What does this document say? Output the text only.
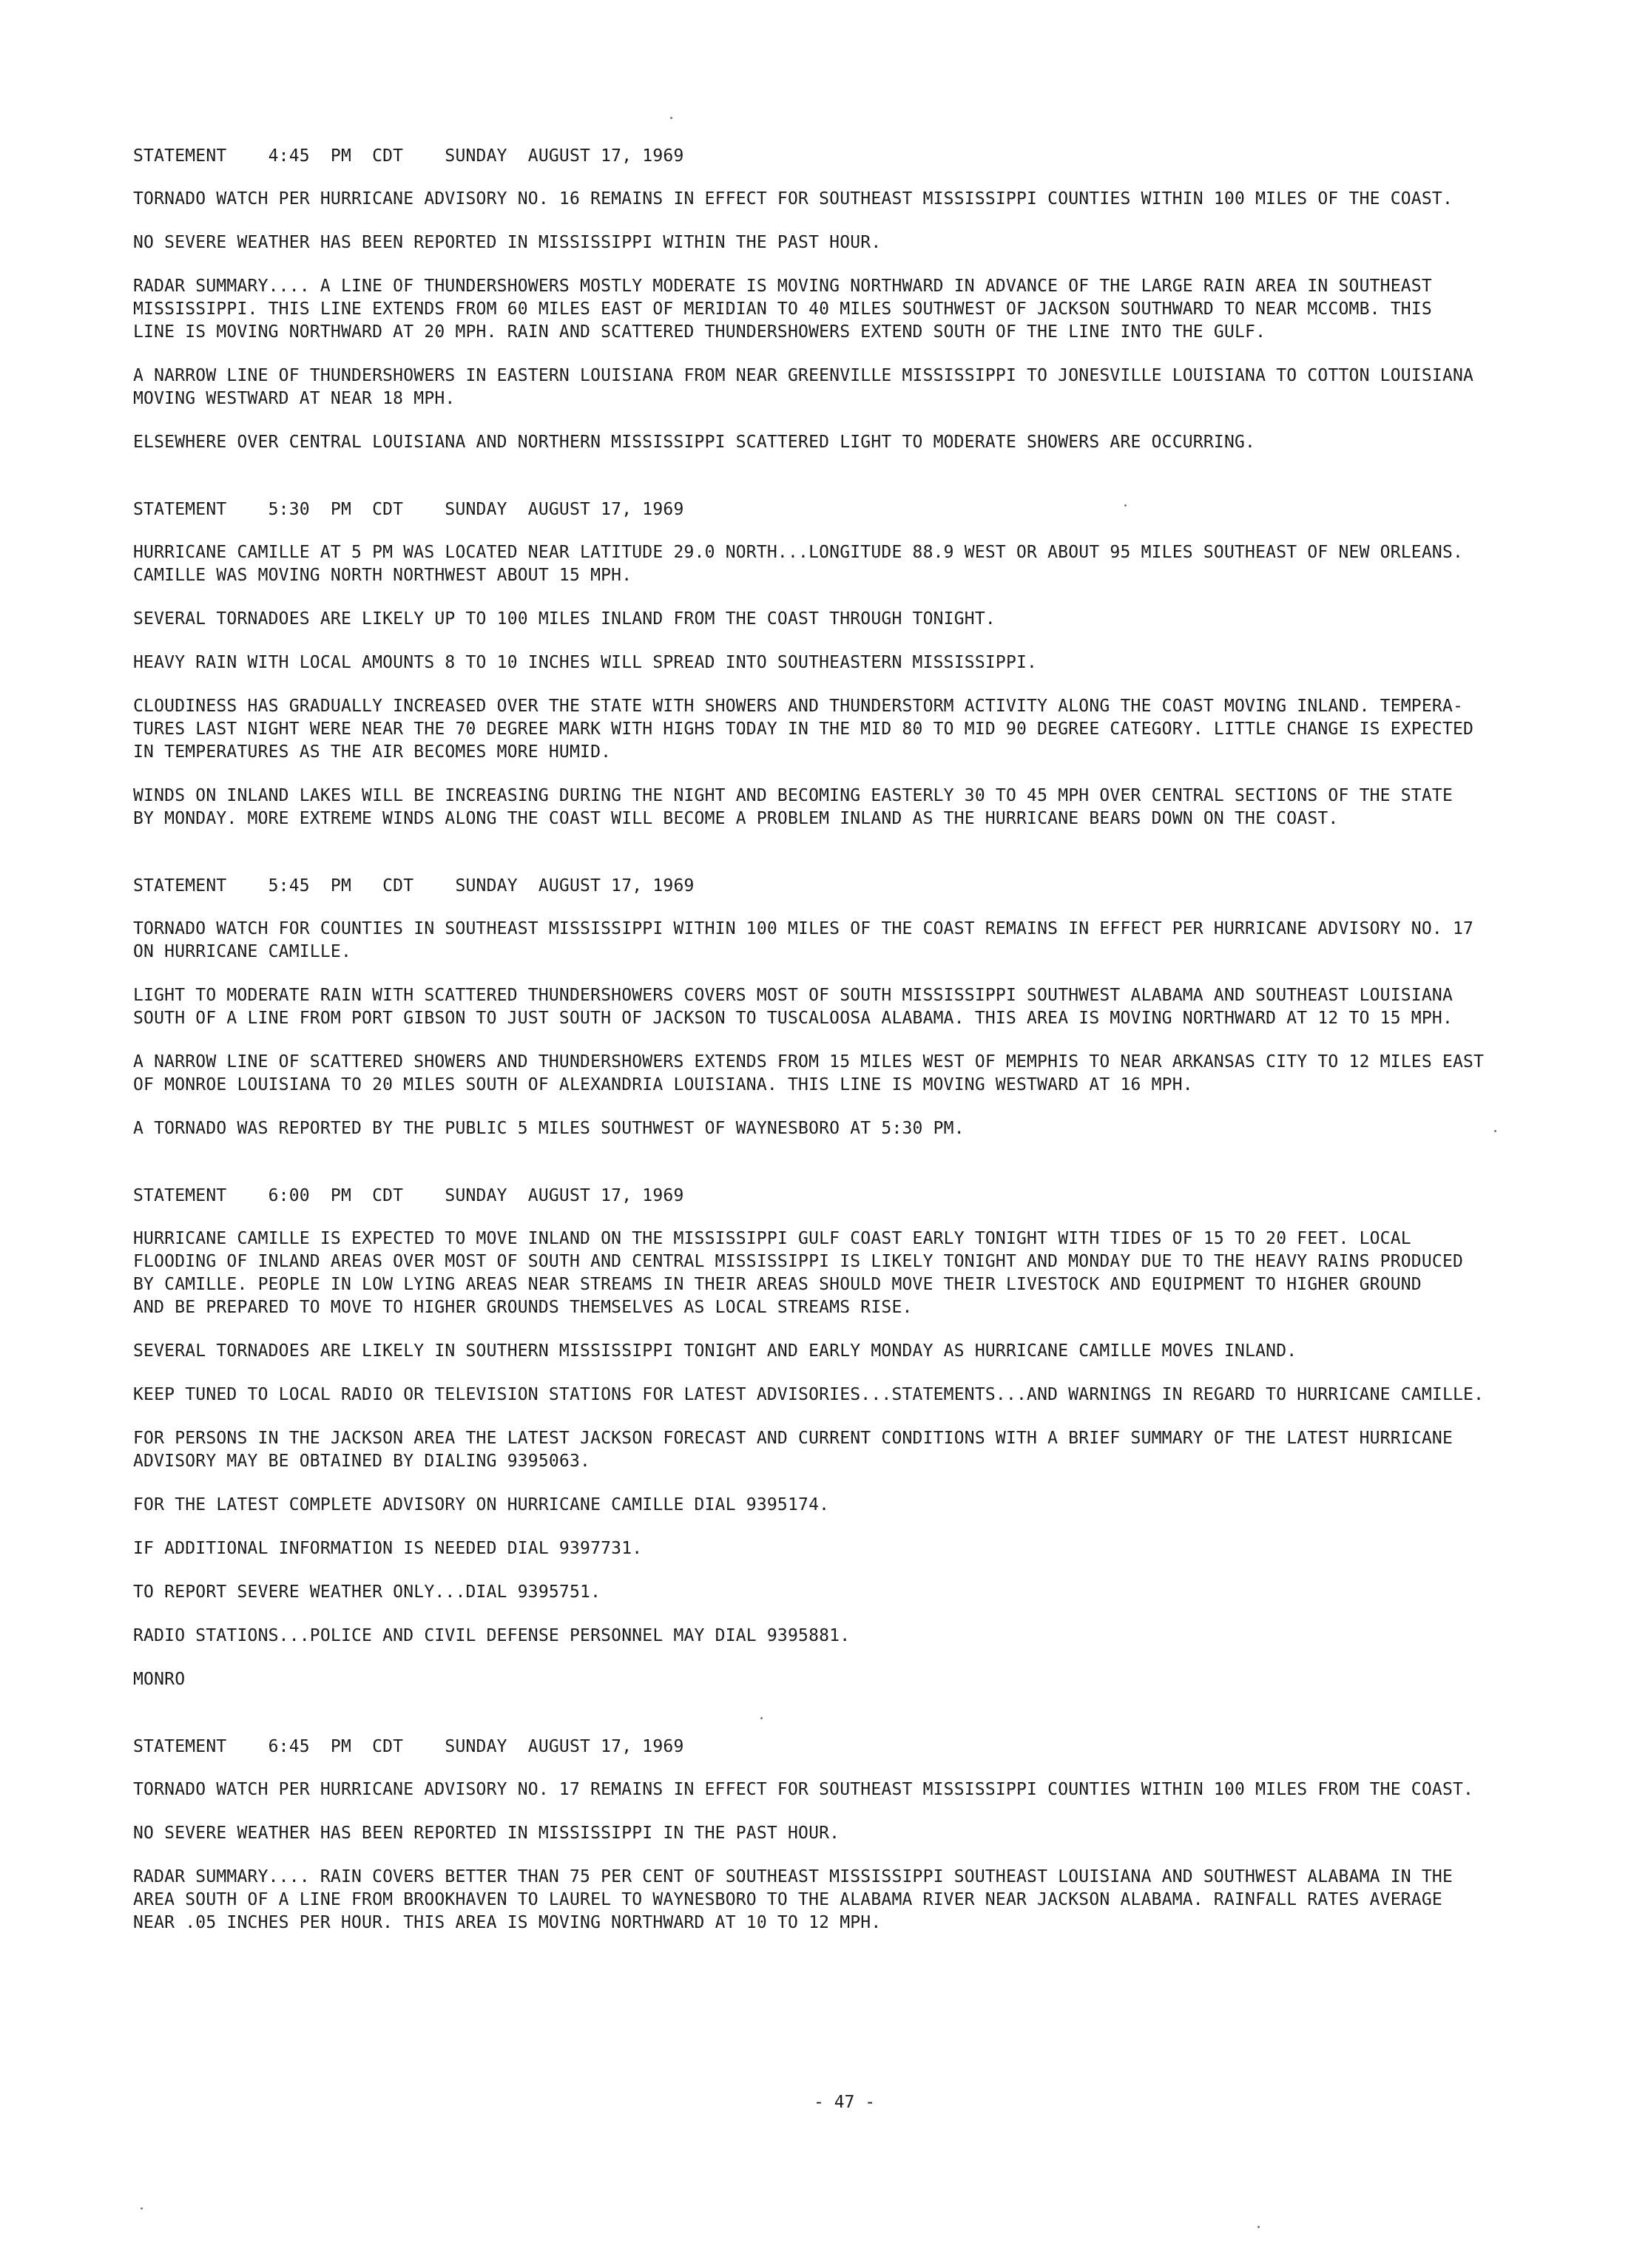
STATEMENT    4:45  PM  CDT    SUNDAY  AUGUST 17, 1969

TORNADO WATCH PER HURRICANE ADVISORY NO. 16 REMAINS IN EFFECT FOR SOUTHEAST MISSISSIPPI COUNTIES WITHIN 100 MILES OF THE COAST.

NO SEVERE WEATHER HAS BEEN REPORTED IN MISSISSIPPI WITHIN THE PAST HOUR.

RADAR SUMMARY.... A LINE OF THUNDERSHOWERS MOSTLY MODERATE IS MOVING NORTHWARD IN ADVANCE OF THE LARGE RAIN AREA IN SOUTHEAST
MISSISSIPPI. THIS LINE EXTENDS FROM 60 MILES EAST OF MERIDIAN TO 40 MILES SOUTHWEST OF JACKSON SOUTHWARD TO NEAR MCCOMB. THIS
LINE IS MOVING NORTHWARD AT 20 MPH. RAIN AND SCATTERED THUNDERSHOWERS EXTEND SOUTH OF THE LINE INTO THE GULF.

A NARROW LINE OF THUNDERSHOWERS IN EASTERN LOUISIANA FROM NEAR GREENVILLE MISSISSIPPI TO JONESVILLE LOUISIANA TO COTTON LOUISIANA
MOVING WESTWARD AT NEAR 18 MPH.

ELSEWHERE OVER CENTRAL LOUISIANA AND NORTHERN MISSISSIPPI SCATTERED LIGHT TO MODERATE SHOWERS ARE OCCURRING.

STATEMENT    5:30  PM  CDT    SUNDAY  AUGUST 17, 1969

HURRICANE CAMILLE AT 5 PM WAS LOCATED NEAR LATITUDE 29.0 NORTH...LONGITUDE 88.9 WEST OR ABOUT 95 MILES SOUTHEAST OF NEW ORLEANS.
CAMILLE WAS MOVING NORTH NORTHWEST ABOUT 15 MPH.

SEVERAL TORNADOES ARE LIKELY UP TO 100 MILES INLAND FROM THE COAST THROUGH TONIGHT.

HEAVY RAIN WITH LOCAL AMOUNTS 8 TO 10 INCHES WILL SPREAD INTO SOUTHEASTERN MISSISSIPPI.

CLOUDINESS HAS GRADUALLY INCREASED OVER THE STATE WITH SHOWERS AND THUNDERSTORM ACTIVITY ALONG THE COAST MOVING INLAND. TEMPERA-
TURES LAST NIGHT WERE NEAR THE 70 DEGREE MARK WITH HIGHS TODAY IN THE MID 80 TO MID 90 DEGREE CATEGORY. LITTLE CHANGE IS EXPECTED
IN TEMPERATURES AS THE AIR BECOMES MORE HUMID.

WINDS ON INLAND LAKES WILL BE INCREASING DURING THE NIGHT AND BECOMING EASTERLY 30 TO 45 MPH OVER CENTRAL SECTIONS OF THE STATE
BY MONDAY. MORE EXTREME WINDS ALONG THE COAST WILL BECOME A PROBLEM INLAND AS THE HURRICANE BEARS DOWN ON THE COAST.

STATEMENT    5:45  PM   CDT    SUNDAY  AUGUST 17, 1969

TORNADO WATCH FOR COUNTIES IN SOUTHEAST MISSISSIPPI WITHIN 100 MILES OF THE COAST REMAINS IN EFFECT PER HURRICANE ADVISORY NO. 17
ON HURRICANE CAMILLE.

LIGHT TO MODERATE RAIN WITH SCATTERED THUNDERSHOWERS COVERS MOST OF SOUTH MISSISSIPPI SOUTHWEST ALABAMA AND SOUTHEAST LOUISIANA
SOUTH OF A LINE FROM PORT GIBSON TO JUST SOUTH OF JACKSON TO TUSCALOOSA ALABAMA. THIS AREA IS MOVING NORTHWARD AT 12 TO 15 MPH.

A NARROW LINE OF SCATTERED SHOWERS AND THUNDERSHOWERS EXTENDS FROM 15 MILES WEST OF MEMPHIS TO NEAR ARKANSAS CITY TO 12 MILES EAST
OF MONROE LOUISIANA TO 20 MILES SOUTH OF ALEXANDRIA LOUISIANA. THIS LINE IS MOVING WESTWARD AT 16 MPH.

A TORNADO WAS REPORTED BY THE PUBLIC 5 MILES SOUTHWEST OF WAYNESBORO AT 5:30 PM.

STATEMENT    6:00  PM  CDT    SUNDAY  AUGUST 17, 1969

HURRICANE CAMILLE IS EXPECTED TO MOVE INLAND ON THE MISSISSIPPI GULF COAST EARLY TONIGHT WITH TIDES OF 15 TO 20 FEET. LOCAL
FLOODING OF INLAND AREAS OVER MOST OF SOUTH AND CENTRAL MISSISSIPPI IS LIKELY TONIGHT AND MONDAY DUE TO THE HEAVY RAINS PRODUCED
BY CAMILLE. PEOPLE IN LOW LYING AREAS NEAR STREAMS IN THEIR AREAS SHOULD MOVE THEIR LIVESTOCK AND EQUIPMENT TO HIGHER GROUND
AND BE PREPARED TO MOVE TO HIGHER GROUNDS THEMSELVES AS LOCAL STREAMS RISE.

SEVERAL TORNADOES ARE LIKELY IN SOUTHERN MISSISSIPPI TONIGHT AND EARLY MONDAY AS HURRICANE CAMILLE MOVES INLAND.

KEEP TUNED TO LOCAL RADIO OR TELEVISION STATIONS FOR LATEST ADVISORIES...STATEMENTS...AND WARNINGS IN REGARD TO HURRICANE CAMILLE.

FOR PERSONS IN THE JACKSON AREA THE LATEST JACKSON FORECAST AND CURRENT CONDITIONS WITH A BRIEF SUMMARY OF THE LATEST HURRICANE
ADVISORY MAY BE OBTAINED BY DIALING 9395063.

FOR THE LATEST COMPLETE ADVISORY ON HURRICANE CAMILLE DIAL 9395174.

IF ADDITIONAL INFORMATION IS NEEDED DIAL 9397731.

TO REPORT SEVERE WEATHER ONLY...DIAL 9395751.

RADIO STATIONS...POLICE AND CIVIL DEFENSE PERSONNEL MAY DIAL 9395881.

MONRO

STATEMENT    6:45  PM  CDT    SUNDAY  AUGUST 17, 1969

TORNADO WATCH PER HURRICANE ADVISORY NO. 17 REMAINS IN EFFECT FOR SOUTHEAST MISSISSIPPI COUNTIES WITHIN 100 MILES FROM THE COAST.

NO SEVERE WEATHER HAS BEEN REPORTED IN MISSISSIPPI IN THE PAST HOUR.

RADAR SUMMARY.... RAIN COVERS BETTER THAN 75 PER CENT OF SOUTHEAST MISSISSIPPI SOUTHEAST LOUISIANA AND SOUTHWEST ALABAMA IN THE
AREA SOUTH OF A LINE FROM BROOKHAVEN TO LAUREL TO WAYNESBORO TO THE ALABAMA RIVER NEAR JACKSON ALABAMA. RAINFALL RATES AVERAGE
NEAR .05 INCHES PER HOUR. THIS AREA IS MOVING NORTHWARD AT 10 TO 12 MPH.

- 47 -
